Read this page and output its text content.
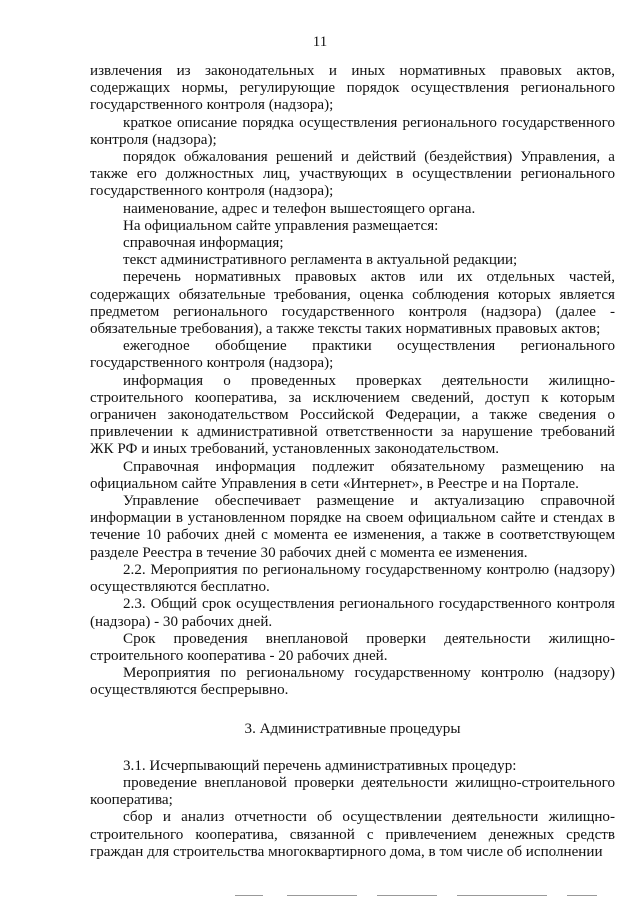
11

извлечения из законодательных и иных нормативных правовых актов, содержащих нормы, регулирующие порядок осуществления регионального государственного контроля (надзора);

краткое описание порядка осуществления регионального государственного контроля (надзора);

порядок обжалования решений и действий (бездействия) Управления, а также его должностных лиц, участвующих в осуществлении регионального государственного контроля (надзора);

наименование, адрес и телефон вышестоящего органа.

На официальном сайте управления размещается:

справочная информация;

текст административного регламента в актуальной редакции;

перечень нормативных правовых актов или их отдельных частей, содержащих обязательные требования, оценка соблюдения которых является предметом регионального государственного контроля (надзора) (далее - обязательные требования), а также тексты таких нормативных правовых актов;

ежегодное обобщение практики осуществления регионального государственного контроля (надзора);

информация о проведенных проверках деятельности жилищно-строительного кооператива, за исключением сведений, доступ к которым ограничен законодательством Российской Федерации, а также сведения о привлечении к административной ответственности за нарушение требований ЖК РФ и иных требований, установленных законодательством.

Справочная информация подлежит обязательному размещению на официальном сайте Управления в сети «Интернет», в Реестре и на Портале.

Управление обеспечивает размещение и актуализацию справочной информации в установленном порядке на своем официальном сайте и стендах в течение 10 рабочих дней с момента ее изменения, а также в соответствующем разделе Реестра в течение 30 рабочих дней с момента ее изменения.

2.2. Мероприятия по региональному государственному контролю (надзору) осуществляются бесплатно.

2.3. Общий срок осуществления регионального государственного контроля (надзора) - 30 рабочих дней.

Срок проведения внеплановой проверки деятельности жилищно-строительного кооператива - 20 рабочих дней.

Мероприятия по региональному государственному контролю (надзору) осуществляются беспрерывно.

3. Административные процедуры

3.1. Исчерпывающий перечень административных процедур:

проведение внеплановой проверки деятельности жилищно-строительного кооператива;

сбор и анализ отчетности об осуществлении деятельности жилищно-строительного кооператива, связанной с привлечением денежных средств граждан для строительства многоквартирного дома, в том числе об исполнении
